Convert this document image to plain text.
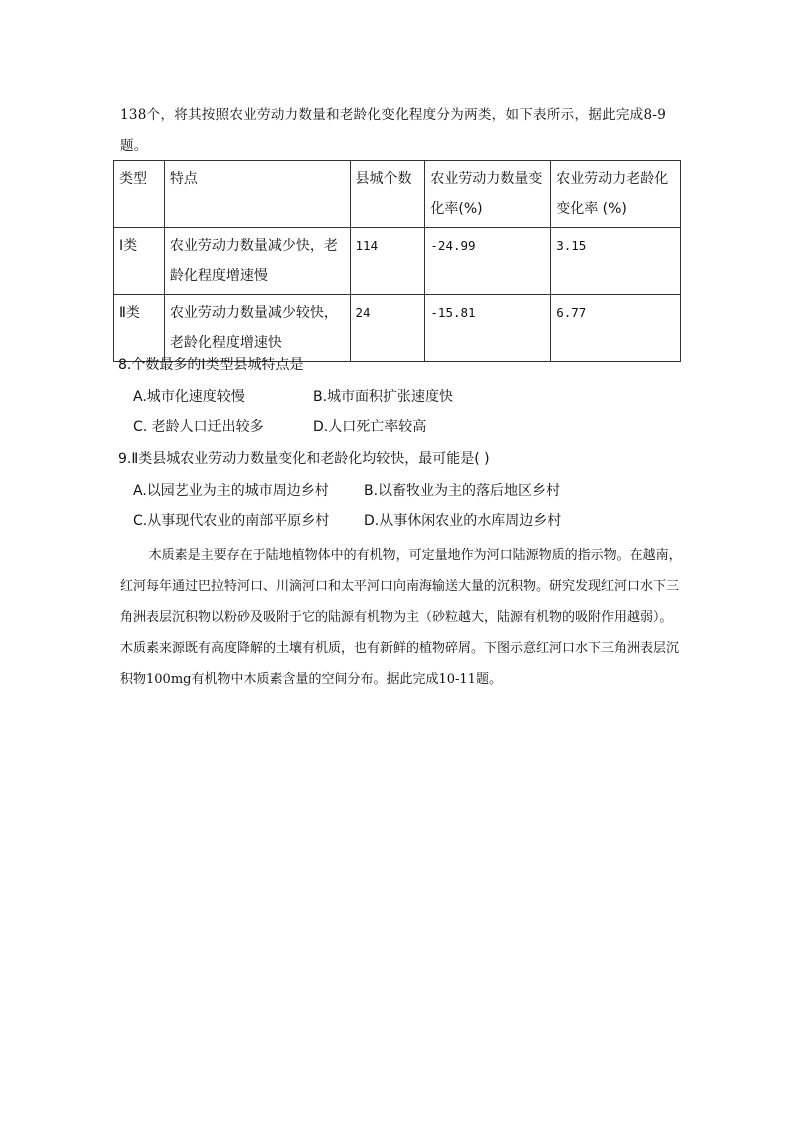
138个，将其按照农业劳动力数量和老龄化变化程度分为两类，如下表所示，据此完成8-9
题。
类型	特点	县城个数	农业劳动力数量变化率(%)	农业劳动力老龄化变化率 (%)
Ⅰ类	农业劳动力数量减少快，老龄化程度增速慢	114	-24.99	3.15
Ⅱ类	农业劳动力数量减少较快，老龄化程度增速快	24	-15.81	6.77
8.个数最多的Ⅰ类型县城特点是
A.城市化速度较慢	B.城市面积扩张速度快
C. 老龄人口迁出较多	D.人口死亡率较高
9.Ⅱ类县城农业劳动力数量变化和老龄化均较快，最可能是( )
A.以园艺业为主的城市周边乡村	B.以畜牧业为主的落后地区乡村
C.从事现代农业的南部平原乡村 D.从事休闲农业的水库周边乡村
木质素是主要存在于陆地植物体中的有机物，可定量地作为河口陆源物质的指示物。在越南，红河每年通过巴拉特河口、川滴河口和太平河口向南海输送大量的沉积物。研究发现红河口水下三角洲表层沉积物以粉砂及吸附于它的陆源有机物为主（砂粒越大，陆源有机物的吸附作用越弱）。木质素来源既有高度降解的土壤有机质，也有新鲜的植物碎屑。下图示意红河口水下三角洲表层沉积物100mg有机物中木质素含量的空间分布。据此完成10-11题。
